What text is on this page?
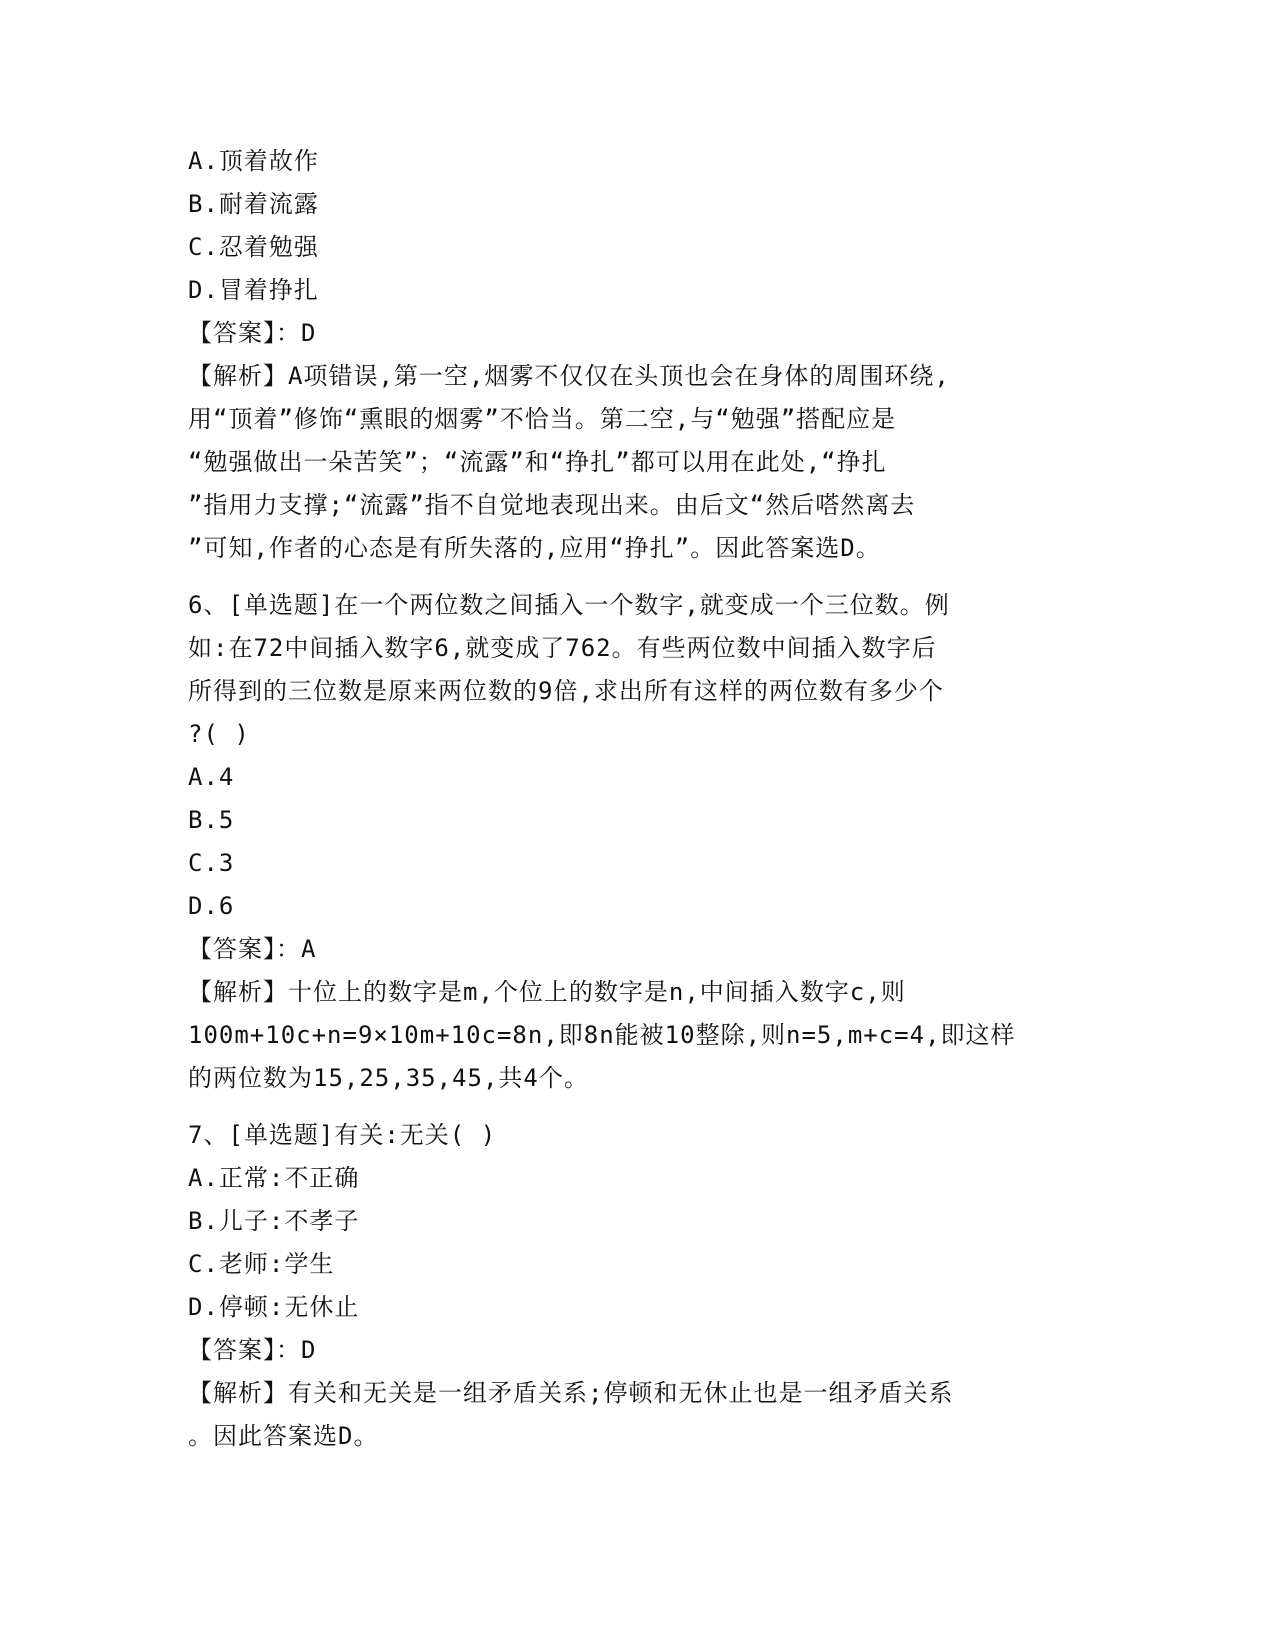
A.顶着故作
B.耐着流露
C.忍着勉强
D.冒着挣扎
【答案】：D
【解析】A项错误,第一空,烟雾不仅仅在头顶也会在身体的周围环绕,
用“顶着”修饰“熏眼的烟雾”不恰当。第二空,与“勉强”搭配应是
“勉强做出一朵苦笑”；“流露”和“挣扎”都可以用在此处,“挣扎
”指用力支撑;“流露”指不自觉地表现出来。由后文“然后嗒然离去
”可知,作者的心态是有所失落的,应用“挣扎”。因此答案选D。
6、[单选题]在一个两位数之间插入一个数字,就变成一个三位数。例
如:在72中间插入数字6,就变成了762。有些两位数中间插入数字后
所得到的三位数是原来两位数的9倍,求出所有这样的两位数有多少个
?( )
A.4
B.5
C.3
D.6
【答案】：A
【解析】十位上的数字是m,个位上的数字是n,中间插入数字c,则
100m+10c+n=9×10m+10c=8n,即8n能被10整除,则n=5,m+c=4,即这样
的两位数为15,25,35,45,共4个。
7、[单选题]有关:无关( )
A.正常:不正确
B.儿子:不孝子
C.老师:学生
D.停顿:无休止
【答案】：D
【解析】有关和无关是一组矛盾关系;停顿和无休止也是一组矛盾关系
。因此答案选D。
